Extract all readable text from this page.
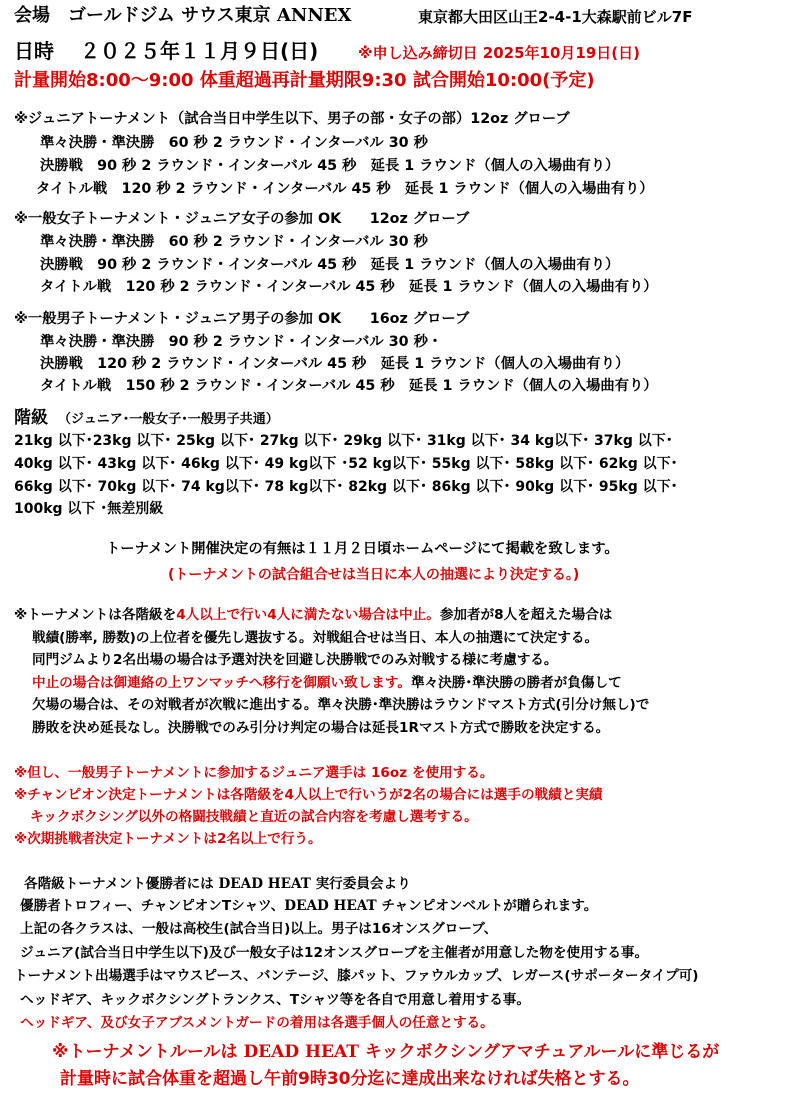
会場 ゴールドジム サウス東京 ANNEX	東京都大田区山王2-4-1大森駅前ビル7F
日時 ２０２５年１１月９日(日)	※申し込み締切日 2025年10月19日(日)
計量開始8:00～9:00 体重超過再計量期限9:30 試合開始10:00(予定)
※ジュニアトーナメント（試合当日中学生以下、男子の部・女子の部）12oz グローブ
準々決勝・準決勝　60 秒 2 ラウンド・インターバル 30 秒
決勝戦　90 秒 2 ラウンド・インターバル 45 秒　延長 1 ラウンド（個人の入場曲有り）
タイトル戦　120 秒 2 ラウンド・インターバル 45 秒　延長 1 ラウンド（個人の入場曲有り）
※一般女子トーナメント・ジュニア女子の参加 OK　　12oz グローブ
準々決勝・準決勝　60 秒 2 ラウンド・インターバル 30 秒
決勝戦　90 秒 2 ラウンド・インターバル 45 秒　延長 1 ラウンド（個人の入場曲有り）
タイトル戦　120 秒 2 ラウンド・インターバル 45 秒　延長 1 ラウンド（個人の入場曲有り）
※一般男子トーナメント・ジュニア男子の参加 OK　　16oz グローブ
準々決勝・準決勝　90 秒 2 ラウンド・インターバル 30 秒・
決勝戦　120 秒 2 ラウンド・インターバル 45 秒　延長 1 ラウンド（個人の入場曲有り）
タイトル戦　150 秒 2 ラウンド・インターバル 45 秒　延長 1 ラウンド（個人の入場曲有り）
階級 （ジュニア･一般女子･一般男子共通）
21kg 以下･23kg 以下･ 25kg 以下･ 27kg 以下･ 29kg 以下･ 31kg 以下･ 34 kg以下･ 37kg 以下･
40kg 以下･ 43kg 以下･ 46kg 以下･ 49 kg以下 ･52 kg以下･ 55kg 以下･ 58kg 以下･ 62kg 以下･
66kg 以下･ 70kg 以下･ 74 kg以下･ 78 kg以下･ 82kg 以下･ 86kg 以下･ 90kg 以下･ 95kg 以下･
100kg 以下 ･無差別級
トーナメント開催決定の有無は１１月２日頃ホームページにて掲載を致します。
(トーナメントの試合組合せは当日に本人の抽選により決定する。)
※トーナメントは各階級を4人以上で行い4人に満たない場合は中止。参加者が8人を超えた場合は
戦績(勝率, 勝数)の上位者を優先し選抜する。対戦組合せは当日、本人の抽選にて決定する。
同門ジムより2名出場の場合は予選対決を回避し決勝戦でのみ対戦する様に考慮する。
中止の場合は御連絡の上ワンマッチへ移行を御願い致します。準々決勝･準決勝の勝者が負傷して
欠場の場合は、その対戦者が次戦に進出する。準々決勝･準決勝はラウンドマスト方式(引分け無し)で
勝敗を決め延長なし。決勝戦でのみ引分け判定の場合は延長1Rマスト方式で勝敗を決定する。
※但し、一般男子トーナメントに参加するジュニア選手は 16oz を使用する。
※チャンピオン決定トーナメントは各階級を4人以上で行いうが2名の場合には選手の戦績と実績
キックボクシング以外の格闘技戦績と直近の試合内容を考慮し選考する。
※次期挑戦者決定トーナメントは2名以上で行う。
各階級トーナメント優勝者には DEAD HEAT 実行委員会より
優勝者トロフィー、チャンピオンTシャツ、DEAD HEAT チャンピオンベルトが贈られます。
上記の各クラスは、一般は高校生(試合当日)以上。男子は16オンスグローブ、
ジュニア(試合当日中学生以下)及び一般女子は12オンスグローブを主催者が用意した物を使用する事。
トーナメント出場選手はマウスピース、バンテージ、膝パット、ファウルカップ、レガース(サポータータイプ可)
ヘッドギア、キックボクシングトランクス、Tシャツ等を各自で用意し着用する事。
ヘッドギア、及び女子アブスメントガードの着用は各選手個人の任意とする。
※トーナメントルールは DEAD HEAT キックボクシングアマチュアルールに準じるが
計量時に試合体重を超過し午前9時30分迄に達成出来なければ失格とする。
